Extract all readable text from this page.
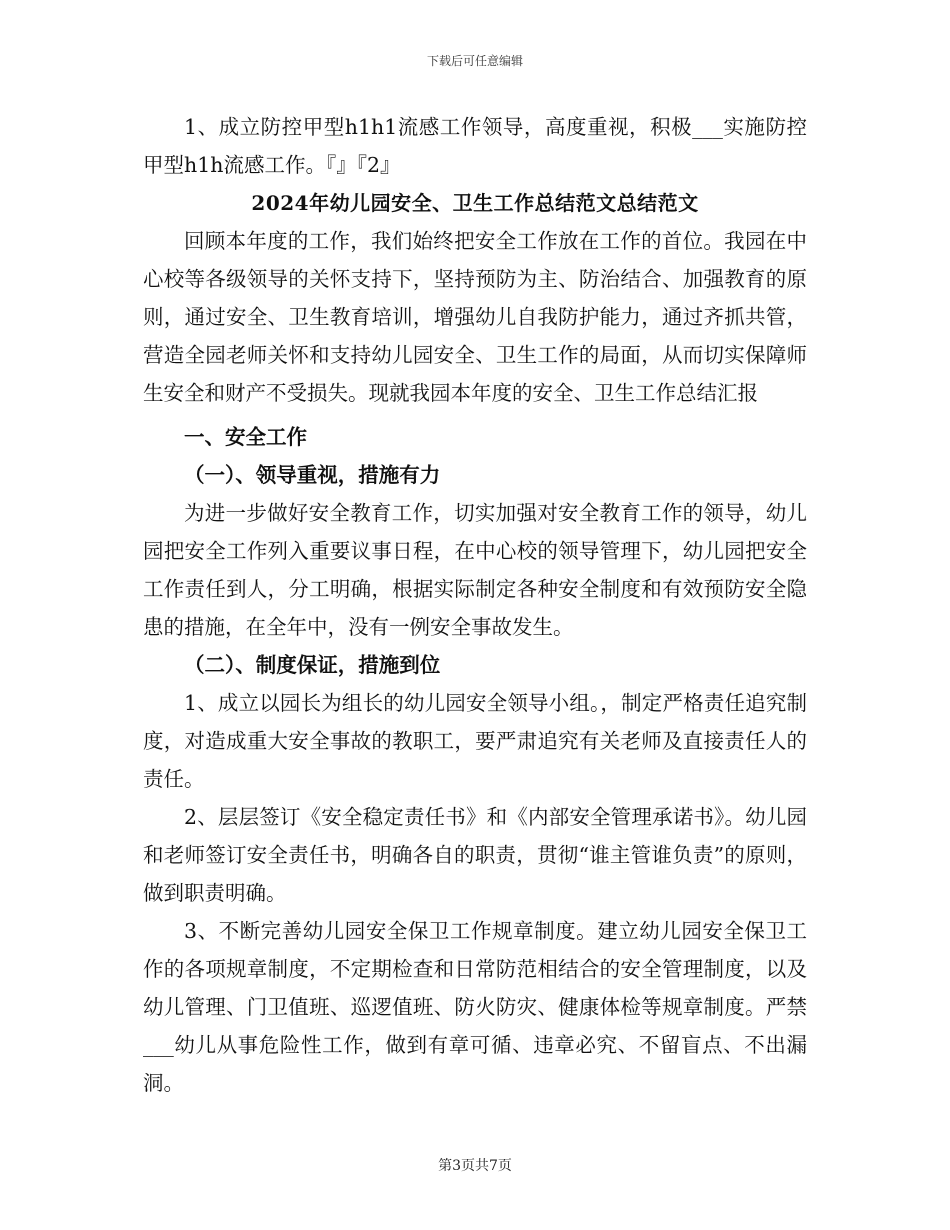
下载后可任意编辑

1、成立防控甲型h1h1流感工作领导，高度重视，积极___实施防控甲型h1h流感工作。『』『2』

2024年幼儿园安全、卫生工作总结范文总结范文

回顾本年度的工作，我们始终把安全工作放在工作的首位。我园在中心校等各级领导的关怀支持下，坚持预防为主、防治结合、加强教育的原则，通过安全、卫生教育培训，增强幼儿自我防护能力，通过齐抓共管，营造全园老师关怀和支持幼儿园安全、卫生工作的局面，从而切实保障师生安全和财产不受损失。现就我园本年度的安全、卫生工作总结汇报

一、安全工作

（一）、领导重视，措施有力

为进一步做好安全教育工作，切实加强对安全教育工作的领导，幼儿园把安全工作列入重要议事日程，在中心校的领导管理下，幼儿园把安全工作责任到人，分工明确，根据实际制定各种安全制度和有效预防安全隐患的措施，在全年中，没有一例安全事故发生。

（二）、制度保证，措施到位

1、成立以园长为组长的幼儿园安全领导小组。，制定严格责任追究制度，对造成重大安全事故的教职工，要严肃追究有关老师及直接责任人的责任。

2、层层签订《安全稳定责任书》和《内部安全管理承诺书》。幼儿园和老师签订安全责任书，明确各自的职责，贯彻“谁主管谁负责”的原则，做到职责明确。

3、不断完善幼儿园安全保卫工作规章制度。建立幼儿园安全保卫工作的各项规章制度，不定期检查和日常防范相结合的安全管理制度，以及幼儿管理、门卫值班、巡逻值班、防火防灾、健康体检等规章制度。严禁___幼儿从事危险性工作，做到有章可循、违章必究、不留盲点、不出漏洞。

第3页共7页
